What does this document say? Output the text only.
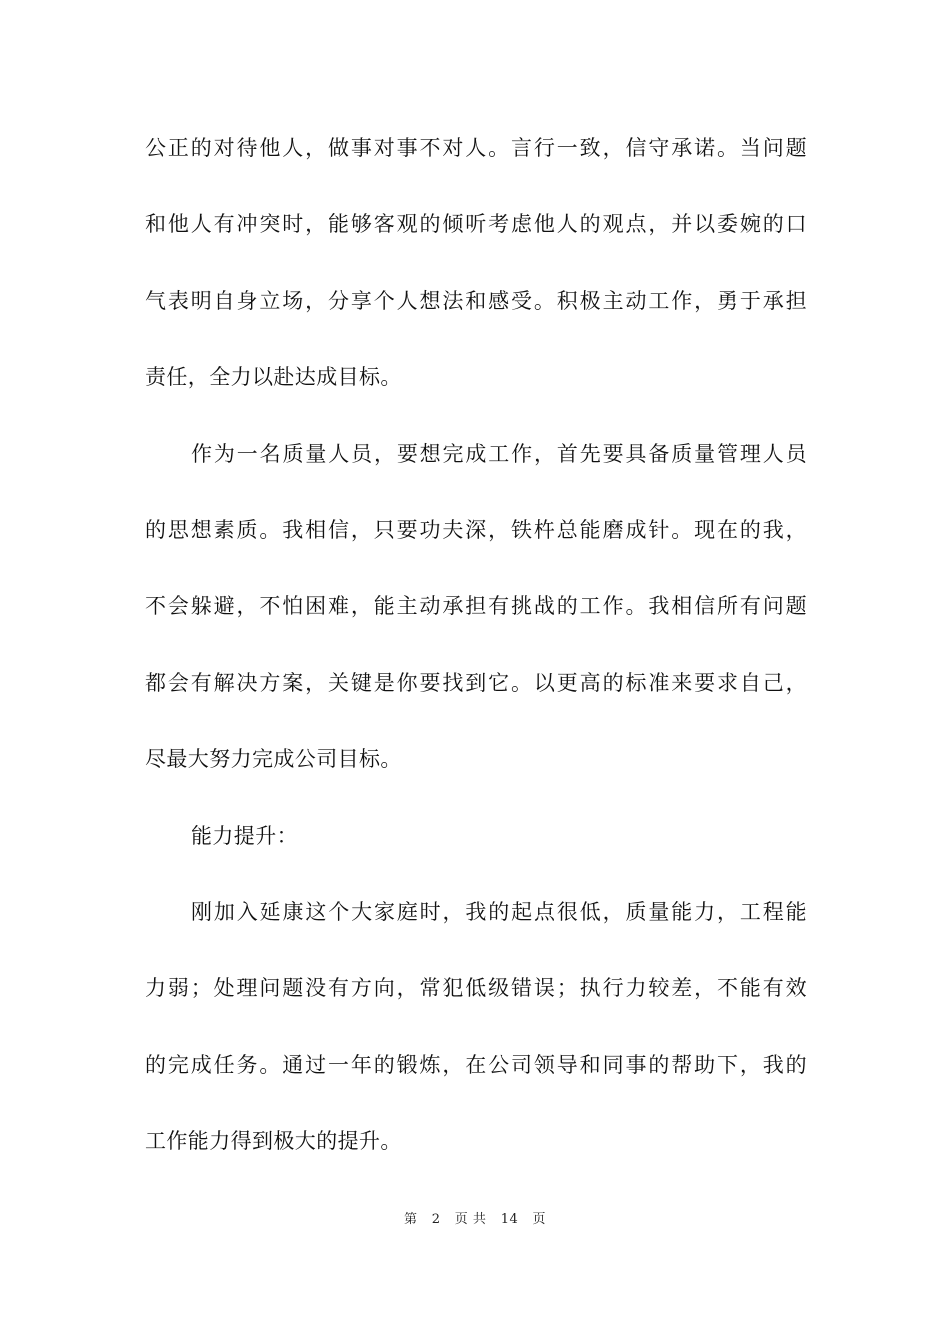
公正的对待他人，做事对事不对人。言行一致，信守承诺。当问题
和他人有冲突时，能够客观的倾听考虑他人的观点，并以委婉的口
气表明自身立场，分享个人想法和感受。积极主动工作，勇于承担
责任，全力以赴达成目标。
作为一名质量人员，要想完成工作，首先要具备质量管理人员
的思想素质。我相信，只要功夫深，铁杵总能磨成针。现在的我，
不会躲避，不怕困难，能主动承担有挑战的工作。我相信所有问题
都会有解决方案，关键是你要找到它。以更高的标准来要求自己，
尽最大努力完成公司目标。
能力提升：
刚加入延康这个大家庭时，我的起点很低，质量能力，工程能
力弱；处理问题没有方向，常犯低级错误；执行力较差，不能有效
的完成任务。通过一年的锻炼，在公司领导和同事的帮助下，我的
工作能力得到极大的提升。
第 2 页 共 14 页
